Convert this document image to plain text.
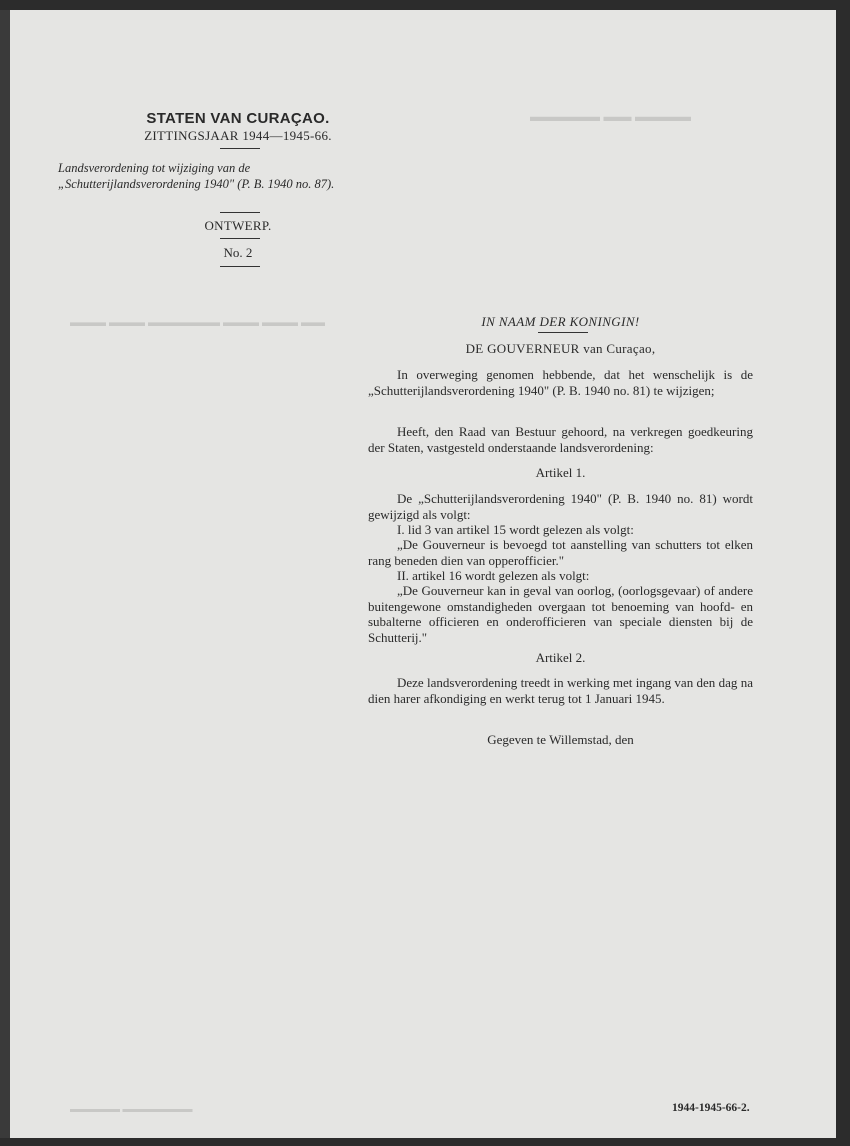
▬▬▬▬ ▬▬ ▬▬▬▬▬
▬▬ ▬▬▬ ▬▬▬ ▬▬▬▬▬▬ ▬▬▬ ▬▬▬
▬▬▬▬▬▬▬ ▬▬▬▬▬
STATEN VAN CURAÇAO.
ZITTINGSJAAR 1944—1945-66.
Landsverordening tot wijziging van de „Schutterijlandsverordening 1940" (P. B. 1940 no. 87).
ONTWERP.
No. 2
IN NAAM DER KONINGIN!
DE GOUVERNEUR van Curaçao,
In overweging genomen hebbende, dat het wenschelijk is de „Schutterijlandsverordening 1940" (P. B. 1940 no. 81) te wijzigen;
Heeft, den Raad van Bestuur gehoord, na verkregen goedkeuring der Staten, vastgesteld onderstaande landsverordening:
Artikel 1.
De „Schutterijlandsverordening 1940" (P. B. 1940 no. 81) wordt gewijzigd als volgt:
I. lid 3 van artikel 15 wordt gelezen als volgt:
„De Gouverneur is bevoegd tot aanstelling van schutters tot elken rang beneden dien van opperofficier."
II. artikel 16 wordt gelezen als volgt:
„De Gouverneur kan in geval van oorlog, (oorlogsgevaar) of andere buitengewone omstandigheden overgaan tot benoeming van hoofd- en subalterne officieren en onderofficieren van speciale diensten bij de Schutterij."
Artikel 2.
Deze landsverordening treedt in werking met ingang van den dag na dien harer afkondiging en werkt terug tot 1 Januari 1945.
Gegeven te Willemstad, den
1944-1945-66-2.
